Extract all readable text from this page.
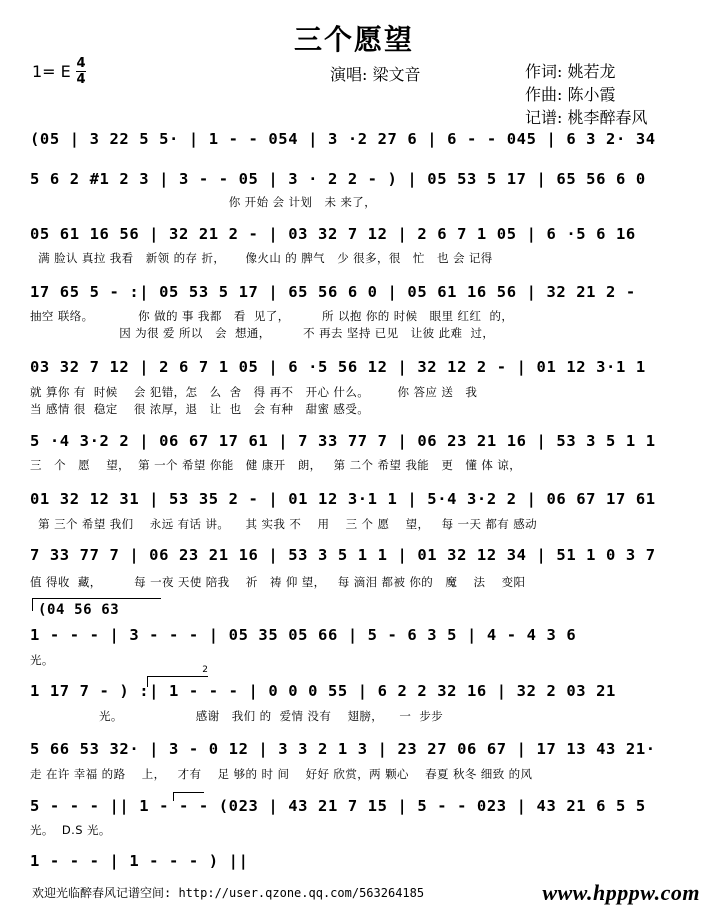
三个愿望
1= E 4
4	演唱: 梁文音	作词: 姚若龙
作曲: 陈小霞
记谱: 桃李醉春风
(05 | 3 22 5 5· | 1 - - 054 | 3 ·2 27 6 | 6 - - 045 | 6 3 2· 34
5 6 2 #1 2 3 | 3 - - 05 | 3 · 2 2 - ) | 05 53 5 17 | 65 56 6 0
你 开始 会 计划   未 来了，
05 61 16 56 | 32 21 2 - | 03 32 7 12 | 2 6 7 1 05 | 6 ·5 6 16
满 脸认 真拉 我看   新领 的存 折，     像火山 的 脾气   少 很多，很   忙   也 会 记得
17 65 5 - :| 05 53 5 17 | 65 56 6 0 | 05 61 16 56 | 32 21 2 -
抽空 联络。           你 做的 事 我都   看  见了，        所 以抱 你的 时候   眼里 红红  的，
因 为很 爱 所以   会  想通，        不 再去 坚持 已见   让彼 此难  过，
03 32 7 12 | 2 6 7 1 05 | 6 ·5 56 12 | 32 12 2 - | 01 12 3·1 1
就 算你 有  时候    会 犯错，怎   么  舍   得 再不   开心 什么。       你 答应 送   我
当 感情 很  稳定    很 浓厚，退   让  也   会 有种   甜蜜 感受。
5 ·4 3·2 2 | 06 67 17 61 | 7 33 77 7 | 06 23 21 16 | 53 3 5 1 1
三   个   愿    望，  第 一个 希望 你能   健 康开   朗，   第 二个 希望 我能   更   懂 体 谅，
01 32 12 31 | 53 35 2 - | 01 12 3·1 1 | 5·4 3·2 2 | 06 67 17 61
第 三个 希望 我们    永远 有话 讲。    其 实我 不    用    三 个 愿    望，   每 一天 都有 感动
7 33 77 7 | 06 23 21 16 | 53 3 5 1 1 | 01 32 12 34 | 51 1 0 3 7
值 得收  藏，        每 一夜 天使 陪我    祈   祷 仰 望，   每 滴泪 都被 你的   魔    法    变阳
(04 56 63
1 - - - | 3 - - - | 05 35 05 66 | 5 - 6 3 5 | 4 - 4 3 6
光。
2
1 17 7 - ) :| 1 - - - | 0 0 0 55 | 6 2 2 32 16 | 32 2 03 21
光。                  感谢   我们 的  爱情 没有    翅膀，    一  步步
5 66 53 32· | 3 - 0 12 | 3 3 2 1 3 | 23 27 06 67 | 17 13 43 21·
走 在许 幸福 的路    上，   才有    足 够的 时 间    好好 欣赏，两 颗心    春夏 秋冬 细致 的风
5 - - - || 1 - - - (023 | 43 21 7 15 | 5 - - 023 | 43 21 6 5 5
光。  D.S 光。
1 - - - | 1 - - - ) ||
欢迎光临醉春风记谱空间: http://user.qzone.qq.com/563264185	www.hpppw.com
